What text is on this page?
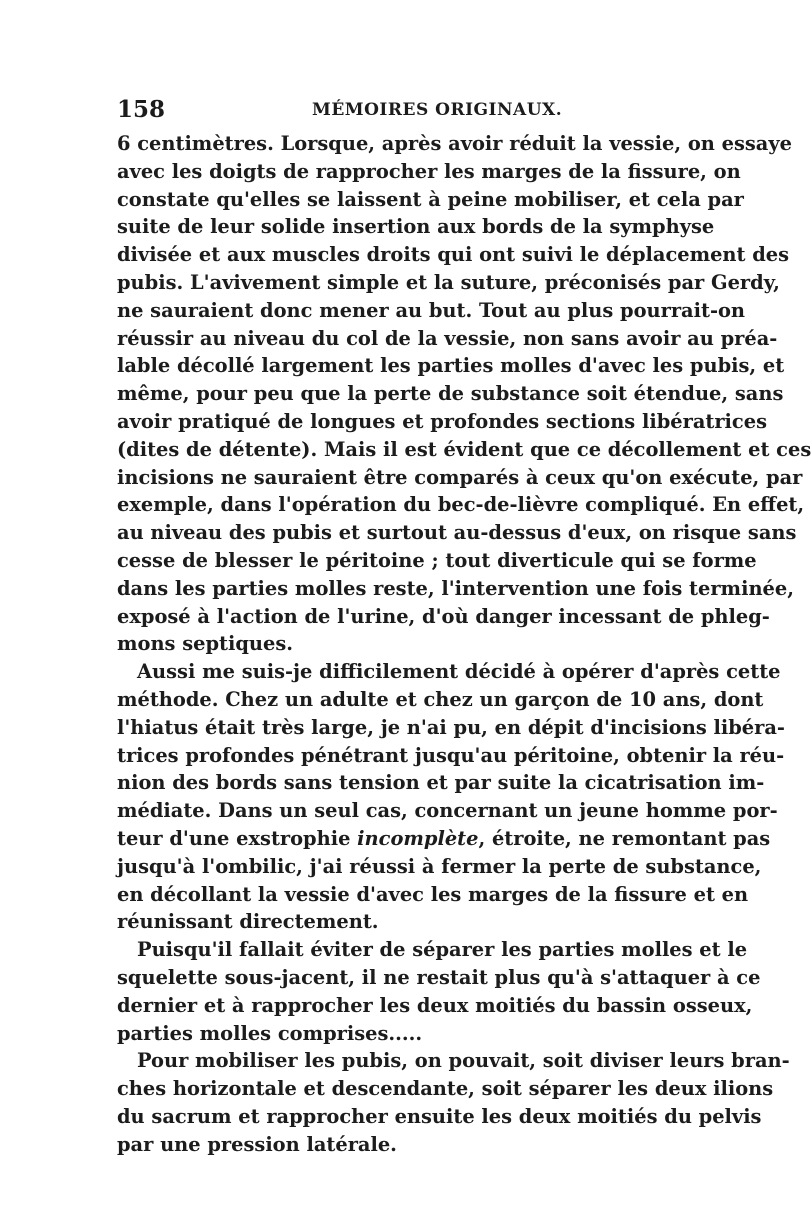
158	MÉMOIRES ORIGINAUX.

6 centimètres. Lorsque, après avoir réduit la vessie, on essaye
avec les doigts de rapprocher les marges de la fissure, on
constate qu'elles se laissent à peine mobiliser, et cela par
suite de leur solide insertion aux bords de la symphyse
divisée et aux muscles droits qui ont suivi le déplacement des
pubis. L'avivement simple et la suture, préconisés par Gerdy,
ne sauraient donc mener au but. Tout au plus pourrait-on
réussir au niveau du col de la vessie, non sans avoir au préa-
lable décollé largement les parties molles d'avec les pubis, et
même, pour peu que la perte de substance soit étendue, sans
avoir pratiqué de longues et profondes sections libératrices
(dites de détente). Mais il est évident que ce décollement et ces
incisions ne sauraient être comparés à ceux qu'on exécute, par
exemple, dans l'opération du bec-de-lièvre compliqué. En effet,
au niveau des pubis et surtout au-dessus d'eux, on risque sans
cesse de blesser le péritoine ; tout diverticule qui se forme
dans les parties molles reste, l'intervention une fois terminée,
exposé à l'action de l'urine, d'où danger incessant de phleg-
mons septiques.

Aussi me suis-je difficilement décidé à opérer d'après cette
méthode. Chez un adulte et chez un garçon de 10 ans, dont
l'hiatus était très large, je n'ai pu, en dépit d'incisions libéra-
trices profondes pénétrant jusqu'au péritoine, obtenir la réu-
nion des bords sans tension et par suite la cicatrisation im-
médiate. Dans un seul cas, concernant un jeune homme por-
teur d'une exstrophie incomplète, étroite, ne remontant pas
jusqu'à l'ombilic, j'ai réussi à fermer la perte de substance,
en décollant la vessie d'avec les marges de la fissure et en
réunissant directement.

Puisqu'il fallait éviter de séparer les parties molles et le
squelette sous-jacent, il ne restait plus qu'à s'attaquer à ce
dernier et à rapprocher les deux moitiés du bassin osseux,
parties molles comprises.....

Pour mobiliser les pubis, on pouvait, soit diviser leurs bran-
ches horizontale et descendante, soit séparer les deux ilions
du sacrum et rapprocher ensuite les deux moitiés du pelvis
par une pression latérale.
